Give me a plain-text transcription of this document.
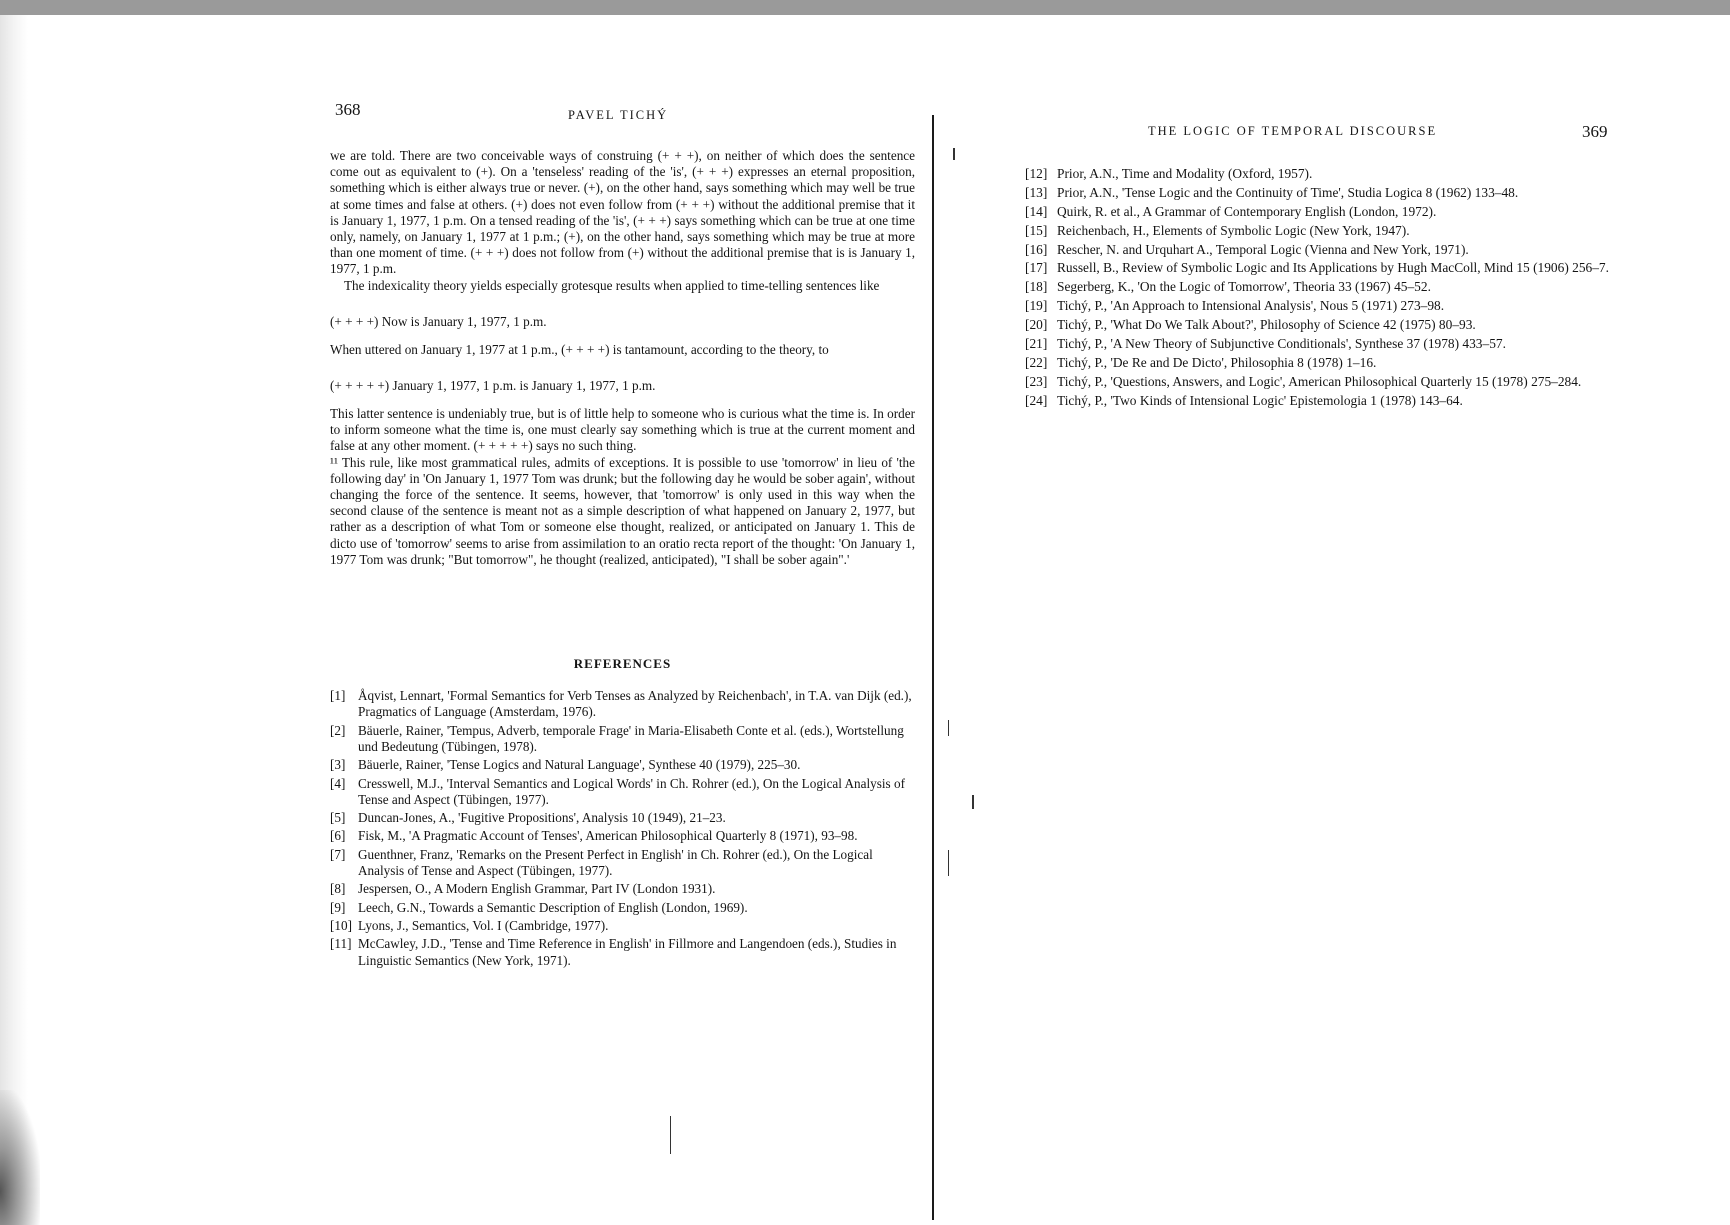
368	PAVEL TICHÝ

we are told. There are two conceivable ways of construing (+ + +), on neither of which does the sentence come out as equivalent to (+). On a 'tenseless' reading of the 'is', (+ + +) expresses an eternal proposition, something which is either always true or never. (+), on the other hand, says something which may well be true at some times and false at others. (+) does not even follow from (+ + +) without the additional premise that it is January 1, 1977, 1 p.m. On a tensed reading of the 'is', (+ + +) says something which can be true at one time only, namely, on January 1, 1977 at 1 p.m.; (+), on the other hand, says something which may be true at more than one moment of time. (+ + +) does not follow from (+) without the additional premise that is is January 1, 1977, 1 p.m.

The indexicality theory yields especially grotesque results when applied to time-telling sentences like

(+ + + +) Now is January 1, 1977, 1 p.m.

When uttered on January 1, 1977 at 1 p.m., (+ + + +) is tantamount, according to the theory, to

(+ + + + +) January 1, 1977, 1 p.m. is January 1, 1977, 1 p.m.

This latter sentence is undeniably true, but is of little help to someone who is curious what the time is. In order to inform someone what the time is, one must clearly say something which is true at the current moment and false at any other moment. (+ + + + +) says no such thing.

¹¹ This rule, like most grammatical rules, admits of exceptions. It is possible to use 'tomorrow' in lieu of 'the following day' in 'On January 1, 1977 Tom was drunk; but the following day he would be sober again', without changing the force of the sentence. It seems, however, that 'tomorrow' is only used in this way when the second clause of the sentence is meant not as a simple description of what happened on January 2, 1977, but rather as a description of what Tom or someone else thought, realized, or anticipated on January 1. This de dicto use of 'tomorrow' seems to arise from assimilation to an oratio recta report of the thought: 'On January 1, 1977 Tom was drunk; "But tomorrow", he thought (realized, anticipated), "I shall be sober again".'

REFERENCES
[1] Åqvist, Lennart, 'Formal Semantics for Verb Tenses as Analyzed by Reichenbach', in T.A. van Dijk (ed.), Pragmatics of Language (Amsterdam, 1976).
[2] Bäuerle, Rainer, 'Tempus, Adverb, temporale Frage' in Maria-Elisabeth Conte et al. (eds.), Wortstellung und Bedeutung (Tübingen, 1978).
[3] Bäuerle, Rainer, 'Tense Logics and Natural Language', Synthese 40 (1979), 225–30.
[4] Cresswell, M.J., 'Interval Semantics and Logical Words' in Ch. Rohrer (ed.), On the Logical Analysis of Tense and Aspect (Tübingen, 1977).
[5] Duncan-Jones, A., 'Fugitive Propositions', Analysis 10 (1949), 21–23.
[6] Fisk, M., 'A Pragmatic Account of Tenses', American Philosophical Quarterly 8 (1971), 93–98.
[7] Guenthner, Franz, 'Remarks on the Present Perfect in English' in Ch. Rohrer (ed.), On the Logical Analysis of Tense and Aspect (Tübingen, 1977).
[8] Jespersen, O., A Modern English Grammar, Part IV (London 1931).
[9] Leech, G.N., Towards a Semantic Description of English (London, 1969).
[10] Lyons, J., Semantics, Vol. I (Cambridge, 1977).
[11] McCawley, J.D., 'Tense and Time Reference in English' in Fillmore and Langendoen (eds.), Studies in Linguistic Semantics (New York, 1971).
THE LOGIC OF TEMPORAL DISCOURSE	369
[12] Prior, A.N., Time and Modality (Oxford, 1957).
[13] Prior, A.N., 'Tense Logic and the Continuity of Time', Studia Logica 8 (1962) 133–48.
[14] Quirk, R. et al., A Grammar of Contemporary English (London, 1972).
[15] Reichenbach, H., Elements of Symbolic Logic (New York, 1947).
[16] Rescher, N. and Urquhart A., Temporal Logic (Vienna and New York, 1971).
[17] Russell, B., Review of Symbolic Logic and Its Applications by Hugh MacColl, Mind 15 (1906) 256–7.
[18] Segerberg, K., 'On the Logic of Tomorrow', Theoria 33 (1967) 45–52.
[19] Tichý, P., 'An Approach to Intensional Analysis', Nous 5 (1971) 273–98.
[20] Tichý, P., 'What Do We Talk About?', Philosophy of Science 42 (1975) 80–93.
[21] Tichý, P., 'A New Theory of Subjunctive Conditionals', Synthese 37 (1978) 433–57.
[22] Tichý, P., 'De Re and De Dicto', Philosophia 8 (1978) 1–16.
[23] Tichý, P., 'Questions, Answers, and Logic', American Philosophical Quarterly 15 (1978) 275–284.
[24] Tichý, P., 'Two Kinds of Intensional Logic' Epistemologia 1 (1978) 143–64.
